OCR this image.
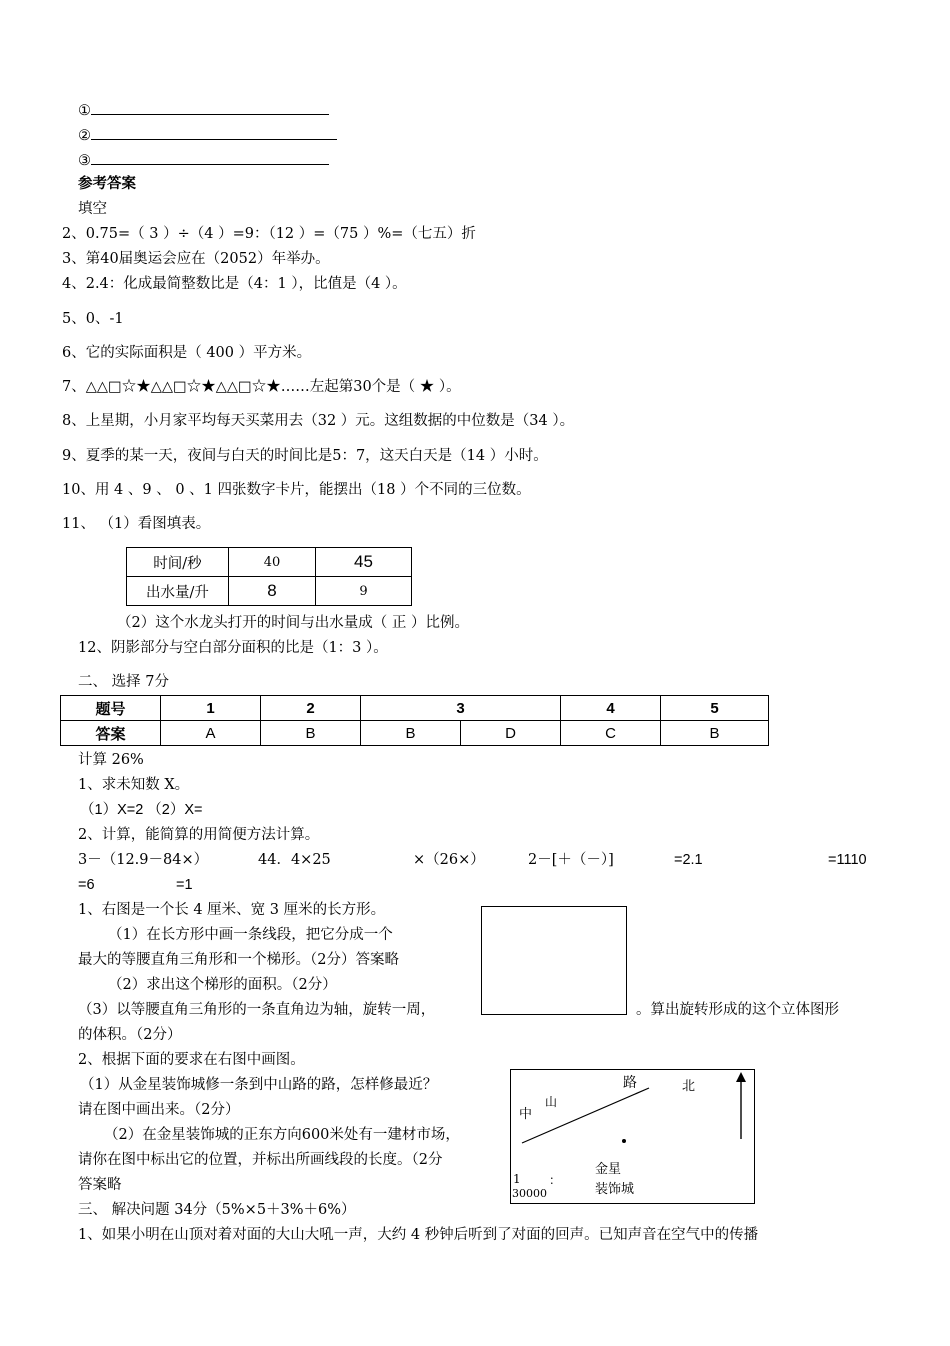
①
②
③
参考答案
填空
2、0.75=（ 3 ）÷（4 ）=9：（12 ）=（75 ）%=（七五）折
3、第40届奥运会应在（2052）年举办。
4、2.4：化成最简整数比是（4：1 ），比值是（4 ）。
5、0、-1
6、它的实际面积是（ 400 ）平方米。
7、△△□☆★△△□☆★△△□☆★……左起第30个是（ ★ ）。
8、上星期，小月家平均每天买菜用去（32 ）元。这组数据的中位数是（34 ）。
9、夏季的某一天，夜间与白天的时间比是5：7，这天白天是（14 ）小时。
10、用 4 、9 、 0 、1 四张数字卡片，能摆出（18 ）个不同的三位数。
11、 （1）看图填表。
时间/秒	40	45
出水量/升	8	9
（2）这个水龙头打开的时间与出水量成（ 正 ）比例。
12、阴影部分与空白部分面积的比是（1：3 ）。
二、 选择 7分
题号	1	2	3		4	5
答案	A	B	B	D	C	B
计算 26%
1、求未知数 X。
（1）X=2 （2）X=
2、计算，能简算的用简便方法计算。
3－（12.9－84×）	44．4×25	×（26×）	2－[＋（－）]	=2.1	=1110
=6	=1
1、右图是一个长 4 厘米、宽 3 厘米的长方形。
（1）在长方形中画一条线段，把它分成一个
最大的等腰直角三角形和一个梯形。（2分）答案略
（2）求出这个梯形的面积。（2分）
（3）以等腰直角三角形的一条直角边为轴，旋转一周，	。算出旋转形成的这个立体图形
的体积。（2分）
2、根据下面的要求在右图中画图。
（1）从金星装饰城修一条到中山路的路，怎样修最近？
请在图中画出来。（2分）
（2）在金星装饰城的正东方向600米处有一建材市场，
请你在图中标出它的位置，并标出所画线段的长度。（2分
答案略
中
山
路	北
1
30000
：
金星
装饰城
三、 解决问题 34分（5%×5＋3%＋6%）
1、如果小明在山顶对着对面的大山大吼一声，大约 4 秒钟后听到了对面的回声。已知声音在空气中的传播
